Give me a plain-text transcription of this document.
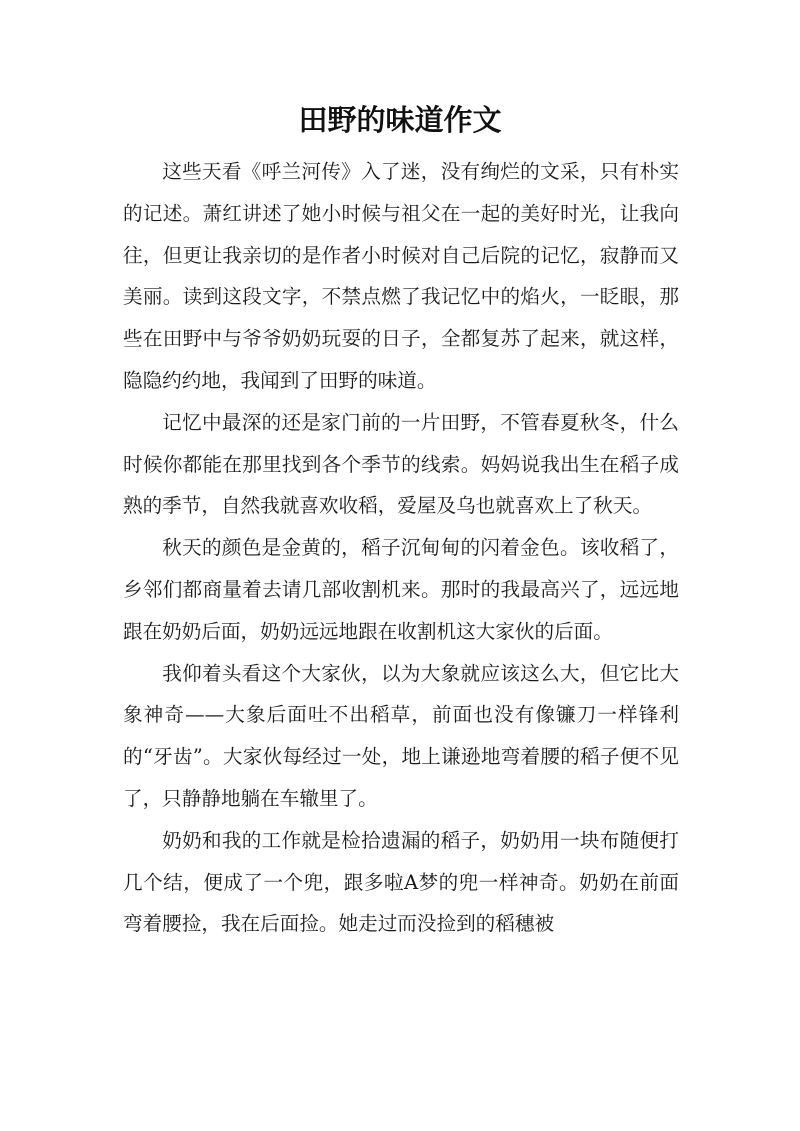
田野的味道作文

这些天看《呼兰河传》入了迷，没有绚烂的文采，只有朴实的记述。萧红讲述了她小时候与祖父在一起的美好时光，让我向往，但更让我亲切的是作者小时候对自己后院的记忆，寂静而又美丽。读到这段文字，不禁点燃了我记忆中的焰火，一眨眼，那些在田野中与爷爷奶奶玩耍的日子，全都复苏了起来，就这样，隐隐约约地，我闻到了田野的味道。

记忆中最深的还是家门前的一片田野，不管春夏秋冬，什么时候你都能在那里找到各个季节的线索。妈妈说我出生在稻子成熟的季节，自然我就喜欢收稻，爱屋及乌也就喜欢上了秋天。

秋天的颜色是金黄的，稻子沉甸甸的闪着金色。该收稻了，乡邻们都商量着去请几部收割机来。那时的我最高兴了，远远地跟在奶奶后面，奶奶远远地跟在收割机这大家伙的后面。

我仰着头看这个大家伙，以为大象就应该这么大，但它比大象神奇——大象后面吐不出稻草，前面也没有像镰刀一样锋利的“牙齿”。大家伙每经过一处，地上谦逊地弯着腰的稻子便不见了，只静静地躺在车辙里了。

奶奶和我的工作就是检拾遗漏的稻子，奶奶用一块布随便打几个结，便成了一个兜，跟多啦A梦的兜一样神奇。奶奶在前面弯着腰捡，我在后面捡。她走过而没捡到的稻穗被
